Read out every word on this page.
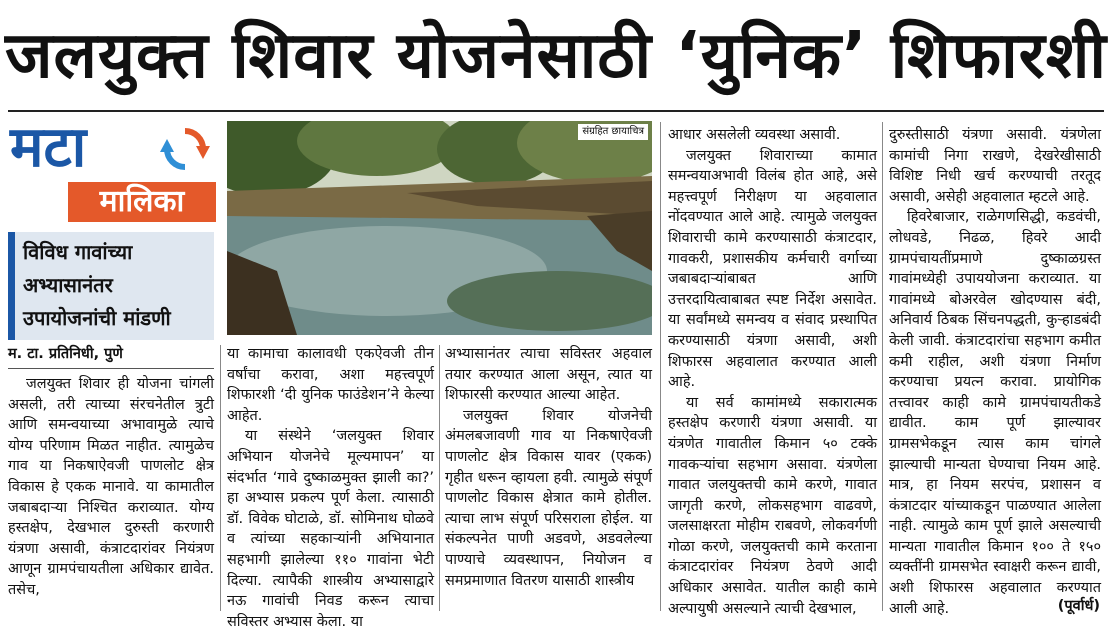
जलयुक्त शिवार योजनेसाठी ‘युनिक’ शिफारशी
मटा
मालिका
विविध गावांच्या
अभ्यासानंतर
उपायोजनांची मांडणी
संग्रहित छायाचित्र
म. टा. प्रतिनिधी, पुणे

जलयुक्त शिवार ही योजना चांगली असली, तरी त्याच्या संरचनेतील त्रुटी आणि समन्वयाच्या अभावामुळे त्याचे योग्य परिणाम मिळत नाहीत. त्यामुळेच गाव या निकषाऐवजी पाणलोट क्षेत्र विकास हे एकक मानावे. या कामातील जबाबदाऱ्या निश्चित कराव्यात. योग्य हस्तक्षेप, देखभाल दुरुस्ती करणारी यंत्रणा असावी, कंत्राटदारांवर नियंत्रण आणून ग्रामपंचायतीला अधिकार द्यावेत. तसेच,

या कामाचा कालावधी एकऐवजी तीन वर्षांचा करावा, अशा महत्त्वपूर्ण शिफारशी ‘दी युनिक फाउंडेशन’ने केल्या आहेत.

या संस्थेने ‘जलयुक्त शिवार अभियान योजनेचे मूल्यमापन’ या संदर्भात ‘गावे दुष्काळमुक्त झाली का?’ हा अभ्यास प्रकल्प पूर्ण केला. त्यासाठी डॉ. विवेक घोटाळे, डॉ. सोमिनाथ घोळवे व त्यांच्या सहकाऱ्यांनी अभियानात सहभागी झालेल्या ११० गावांना भेटी दिल्या. त्यापैकी शास्त्रीय अभ्यासाद्वारे नऊ गावांची निवड करून त्याचा सविस्तर अभ्यास केला. या

अभ्यासानंतर त्याचा सविस्तर अहवाल तयार करण्यात आला असून, त्यात या शिफारसी करण्यात आल्या आहेत.

जलयुक्त शिवार योजनेची अंमलबजावणी गाव या निकषाऐवजी पाणलोट क्षेत्र विकास यावर (एकक) गृहीत धरून व्हायला हवी. त्यामुळे संपूर्ण पाणलोट विकास क्षेत्रात कामे होतील. त्याचा लाभ संपूर्ण परिसराला होईल. या संकल्पनेत पाणी अडवणे, अडवलेल्या पाण्याचे व्यवस्थापन, नियोजन व समप्रमाणात वितरण यासाठी शास्त्रीय

आधार असलेली व्यवस्था असावी.

जलयुक्त शिवाराच्या कामात समन्वयाअभावी विलंब होत आहे, असे महत्त्वपूर्ण निरीक्षण या अहवालात नोंदवण्यात आले आहे. त्यामुळे जलयुक्त शिवाराची कामे करण्यासाठी कंत्राटदार, गावकरी, प्रशासकीय कर्मचारी वर्गाच्या जबाबदाऱ्यांबाबत आणि उत्तरदायित्वाबाबत स्पष्ट निर्देश असावेत. या सर्वांमध्ये समन्वय व संवाद प्रस्थापित करण्यासाठी यंत्रणा असावी, अशी शिफारस अहवालात करण्यात आली आहे.

या सर्व कामांमध्ये सकारात्मक हस्तक्षेप करणारी यंत्रणा असावी. या यंत्रणेत गावातील किमान ५० टक्के गावकऱ्यांचा सहभाग असावा. यंत्रणेला गावात जलयुक्तची कामे करणे, गावात जागृती करणे, लोकसहभाग वाढवणे, जलसाक्षरता मोहीम राबवणे, लोकवर्गणी गोळा करणे, जलयुक्तची कामे करताना कंत्राटदारांवर नियंत्रण ठेवणे आदी अधिकार असावेत. यातील काही कामे अल्पायुषी असल्याने त्याची देखभाल,

दुरुस्तीसाठी यंत्रणा असावी. यंत्रणेला कामांची निगा राखणे, देखरेखीसाठी विशिष्ट निधी खर्च करण्याची तरतूद असावी, असेही अहवालात म्हटले आहे.

हिवरेबाजार, राळेगणसिद्धी, कडवंची, लोधवडे, निढळ, हिवरे आदी ग्रामपंचायतींप्रमाणे दुष्काळग्रस्त गावांमध्येही उपाययोजना कराव्यात. या गावांमध्ये बोअरवेल खोदण्यास बंदी, अनिवार्य ठिबक सिंचनपद्धती, कुऱ्हाडबंदी केली जावी. कंत्राटदारांचा सहभाग कमीत कमी राहील, अशी यंत्रणा निर्माण करण्याचा प्रयत्न करावा. प्रायोगिक तत्त्वावर काही कामे ग्रामपंचायतीकडे द्यावीत. काम पूर्ण झाल्यावर ग्रामसभेकडून त्यास काम चांगले झाल्याची मान्यता घेण्याचा नियम आहे. मात्र, हा नियम सरपंच, प्रशासन व कंत्राटदार यांच्याकडून पाळण्यात आलेला नाही. त्यामुळे काम पूर्ण झाले असल्याची मान्यता गावातील किमान १०० ते १५० व्यक्तींनी ग्रामसभेत स्वाक्षरी करून द्यावी, अशी शिफारस अहवालात करण्यात आली आहे.	(पूर्वार्ध)
